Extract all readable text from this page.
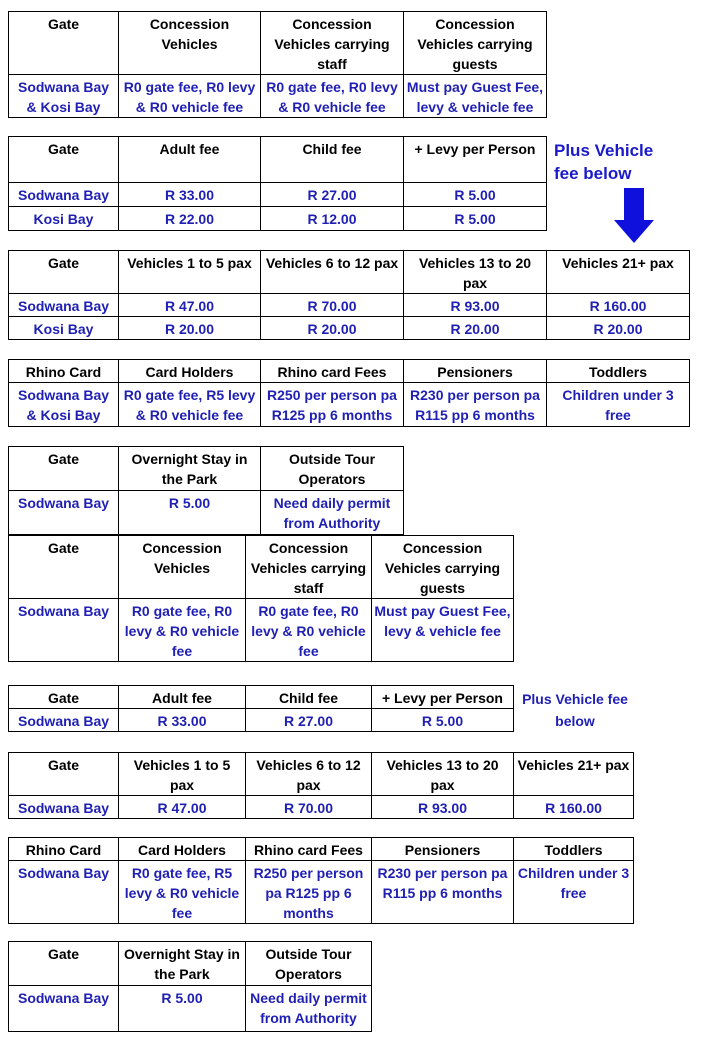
Gate	Concession Vehicles	Concession Vehicles carrying staff	Concession Vehicles carrying guests
Sodwana Bay & Kosi Bay	R0 gate fee, R0 levy & R0 vehicle fee	R0 gate fee, R0 levy & R0 vehicle fee	Must pay Guest Fee, levy & vehicle fee
Gate	Adult fee	Child fee	+ Levy per Person
Sodwana Bay	R 33.00	R 27.00	R 5.00
Kosi Bay	R 22.00	R 12.00	R 5.00
Plus Vehicle fee below
Gate	Vehicles 1 to 5 pax	Vehicles 6 to 12 pax	Vehicles 13 to 20 pax	Vehicles 21+ pax
Sodwana Bay	R 47.00	R 70.00	R 93.00	R 160.00
Kosi Bay	R 20.00	R 20.00	R 20.00	R 20.00
Rhino Card	Card Holders	Rhino card Fees	Pensioners	Toddlers
Sodwana Bay & Kosi Bay	R0 gate fee, R5 levy & R0 vehicle fee	R250 per person pa R125 pp 6 months	R230 per person pa R115 pp 6 months	Children under 3 free
Gate	Overnight Stay in the Park	Outside Tour Operators
Sodwana Bay	R 5.00	Need daily permit from Authority
Gate	Concession Vehicles	Concession Vehicles carrying staff	Concession Vehicles carrying guests
Sodwana Bay	R0 gate fee, R0 levy & R0 vehicle fee	R0 gate fee, R0 levy & R0 vehicle fee	Must pay Guest Fee, levy & vehicle fee
Gate	Adult fee	Child fee	+ Levy per Person
Sodwana Bay	R 33.00	R 27.00	R 5.00
Plus Vehicle fee below
Gate	Vehicles 1 to 5 pax	Vehicles 6 to 12 pax	Vehicles 13 to 20 pax	Vehicles 21+ pax
Sodwana Bay	R 47.00	R 70.00	R 93.00	R 160.00
Rhino Card	Card Holders	Rhino card Fees	Pensioners	Toddlers
Sodwana Bay	R0 gate fee, R5 levy & R0 vehicle fee	R250 per person pa R125 pp 6 months	R230 per person pa R115 pp 6 months	Children under 3 free
Gate	Overnight Stay in the Park	Outside Tour Operators
Sodwana Bay	R 5.00	Need daily permit from Authority
